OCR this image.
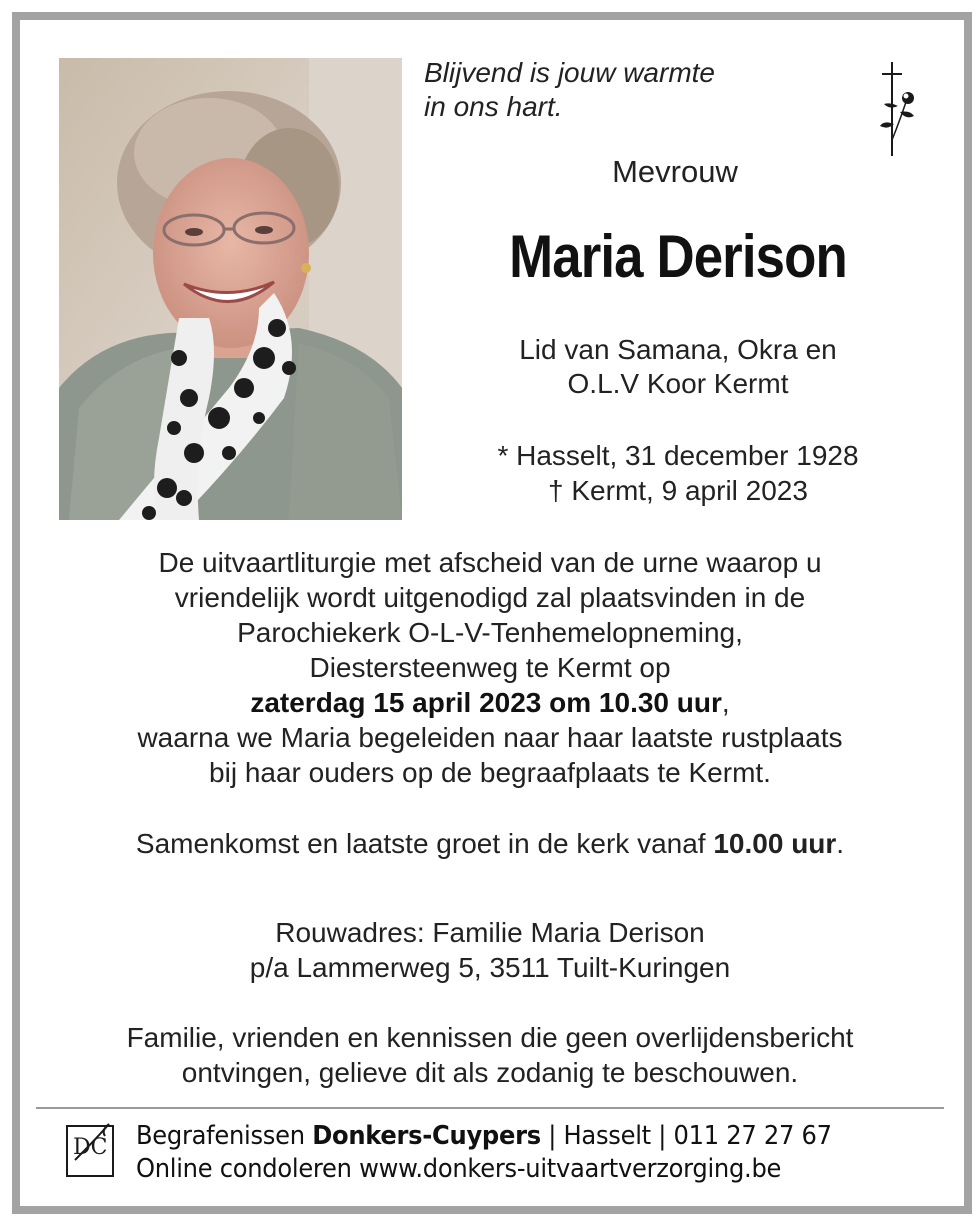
Blijvend is jouw warmte
in ons hart.
Mevrouw
Maria Derison
Lid van Samana, Okra en
O.L.V Koor Kermt
* Hasselt, 31 december 1928
† Kermt, 9 april 2023
De uitvaartliturgie met afscheid van de urne waarop u
vriendelijk wordt uitgenodigd zal plaatsvinden in de
Parochiekerk O-L-V-Tenhemelopneming,
Diestersteenweg te Kermt op
zaterdag 15 april 2023 om 10.30 uur,
waarna we Maria begeleiden naar haar laatste rustplaats
bij haar ouders op de begraafplaats te Kermt.
Samenkomst en laatste groet in de kerk vanaf 10.00 uur.
Rouwadres: Familie Maria Derison
p/a Lammerweg 5, 3511 Tuilt-Kuringen
Familie, vrienden en kennissen die geen overlijdensbericht
ontvingen, gelieve dit als zodanig te beschouwen.
DC Begrafenissen Donkers-Cuypers | Hasselt | 011 27 27 67
Online condoleren www.donkers-uitvaartverzorging.be
